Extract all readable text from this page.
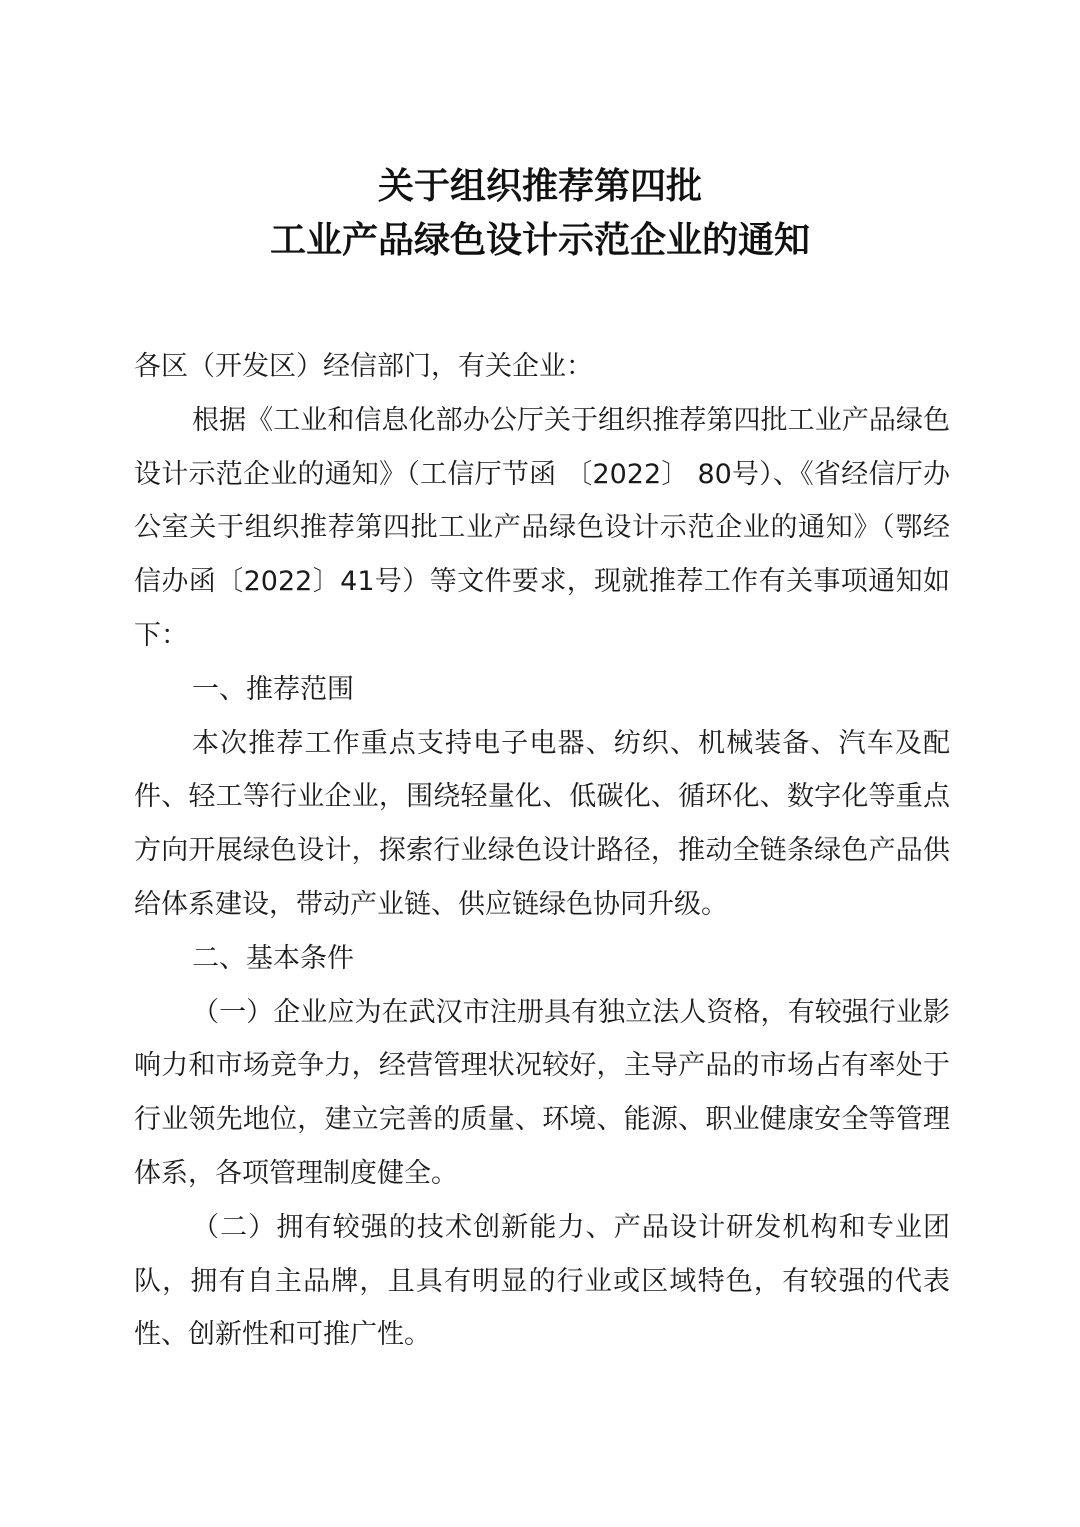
关于组织推荐第四批
工业产品绿色设计示范企业的通知

各区（开发区）经信部门，有关企业：

根据《工业和信息化部办公厅关于组织推荐第四批工业产品绿色设计示范企业的通知》（工信厅节函 〔2022〕 80号）、《省经信厅办公室关于组织推荐第四批工业产品绿色设计示范企业的通知》（鄂经信办函〔2022〕41号）等文件要求，现就推荐工作有关事项通知如下：

一、推荐范围

本次推荐工作重点支持电子电器、纺织、机械装备、汽车及配件、轻工等行业企业，围绕轻量化、低碳化、循环化、数字化等重点方向开展绿色设计，探索行业绿色设计路径，推动全链条绿色产品供给体系建设，带动产业链、供应链绿色协同升级。

二、基本条件

（一）企业应为在武汉市注册具有独立法人资格，有较强行业影响力和市场竞争力，经营管理状况较好，主导产品的市场占有率处于行业领先地位，建立完善的质量、环境、能源、职业健康安全等管理体系，各项管理制度健全。

（二）拥有较强的技术创新能力、产品设计研发机构和专业团队，拥有自主品牌，且具有明显的行业或区域特色，有较强的代表性、创新性和可推广性。
